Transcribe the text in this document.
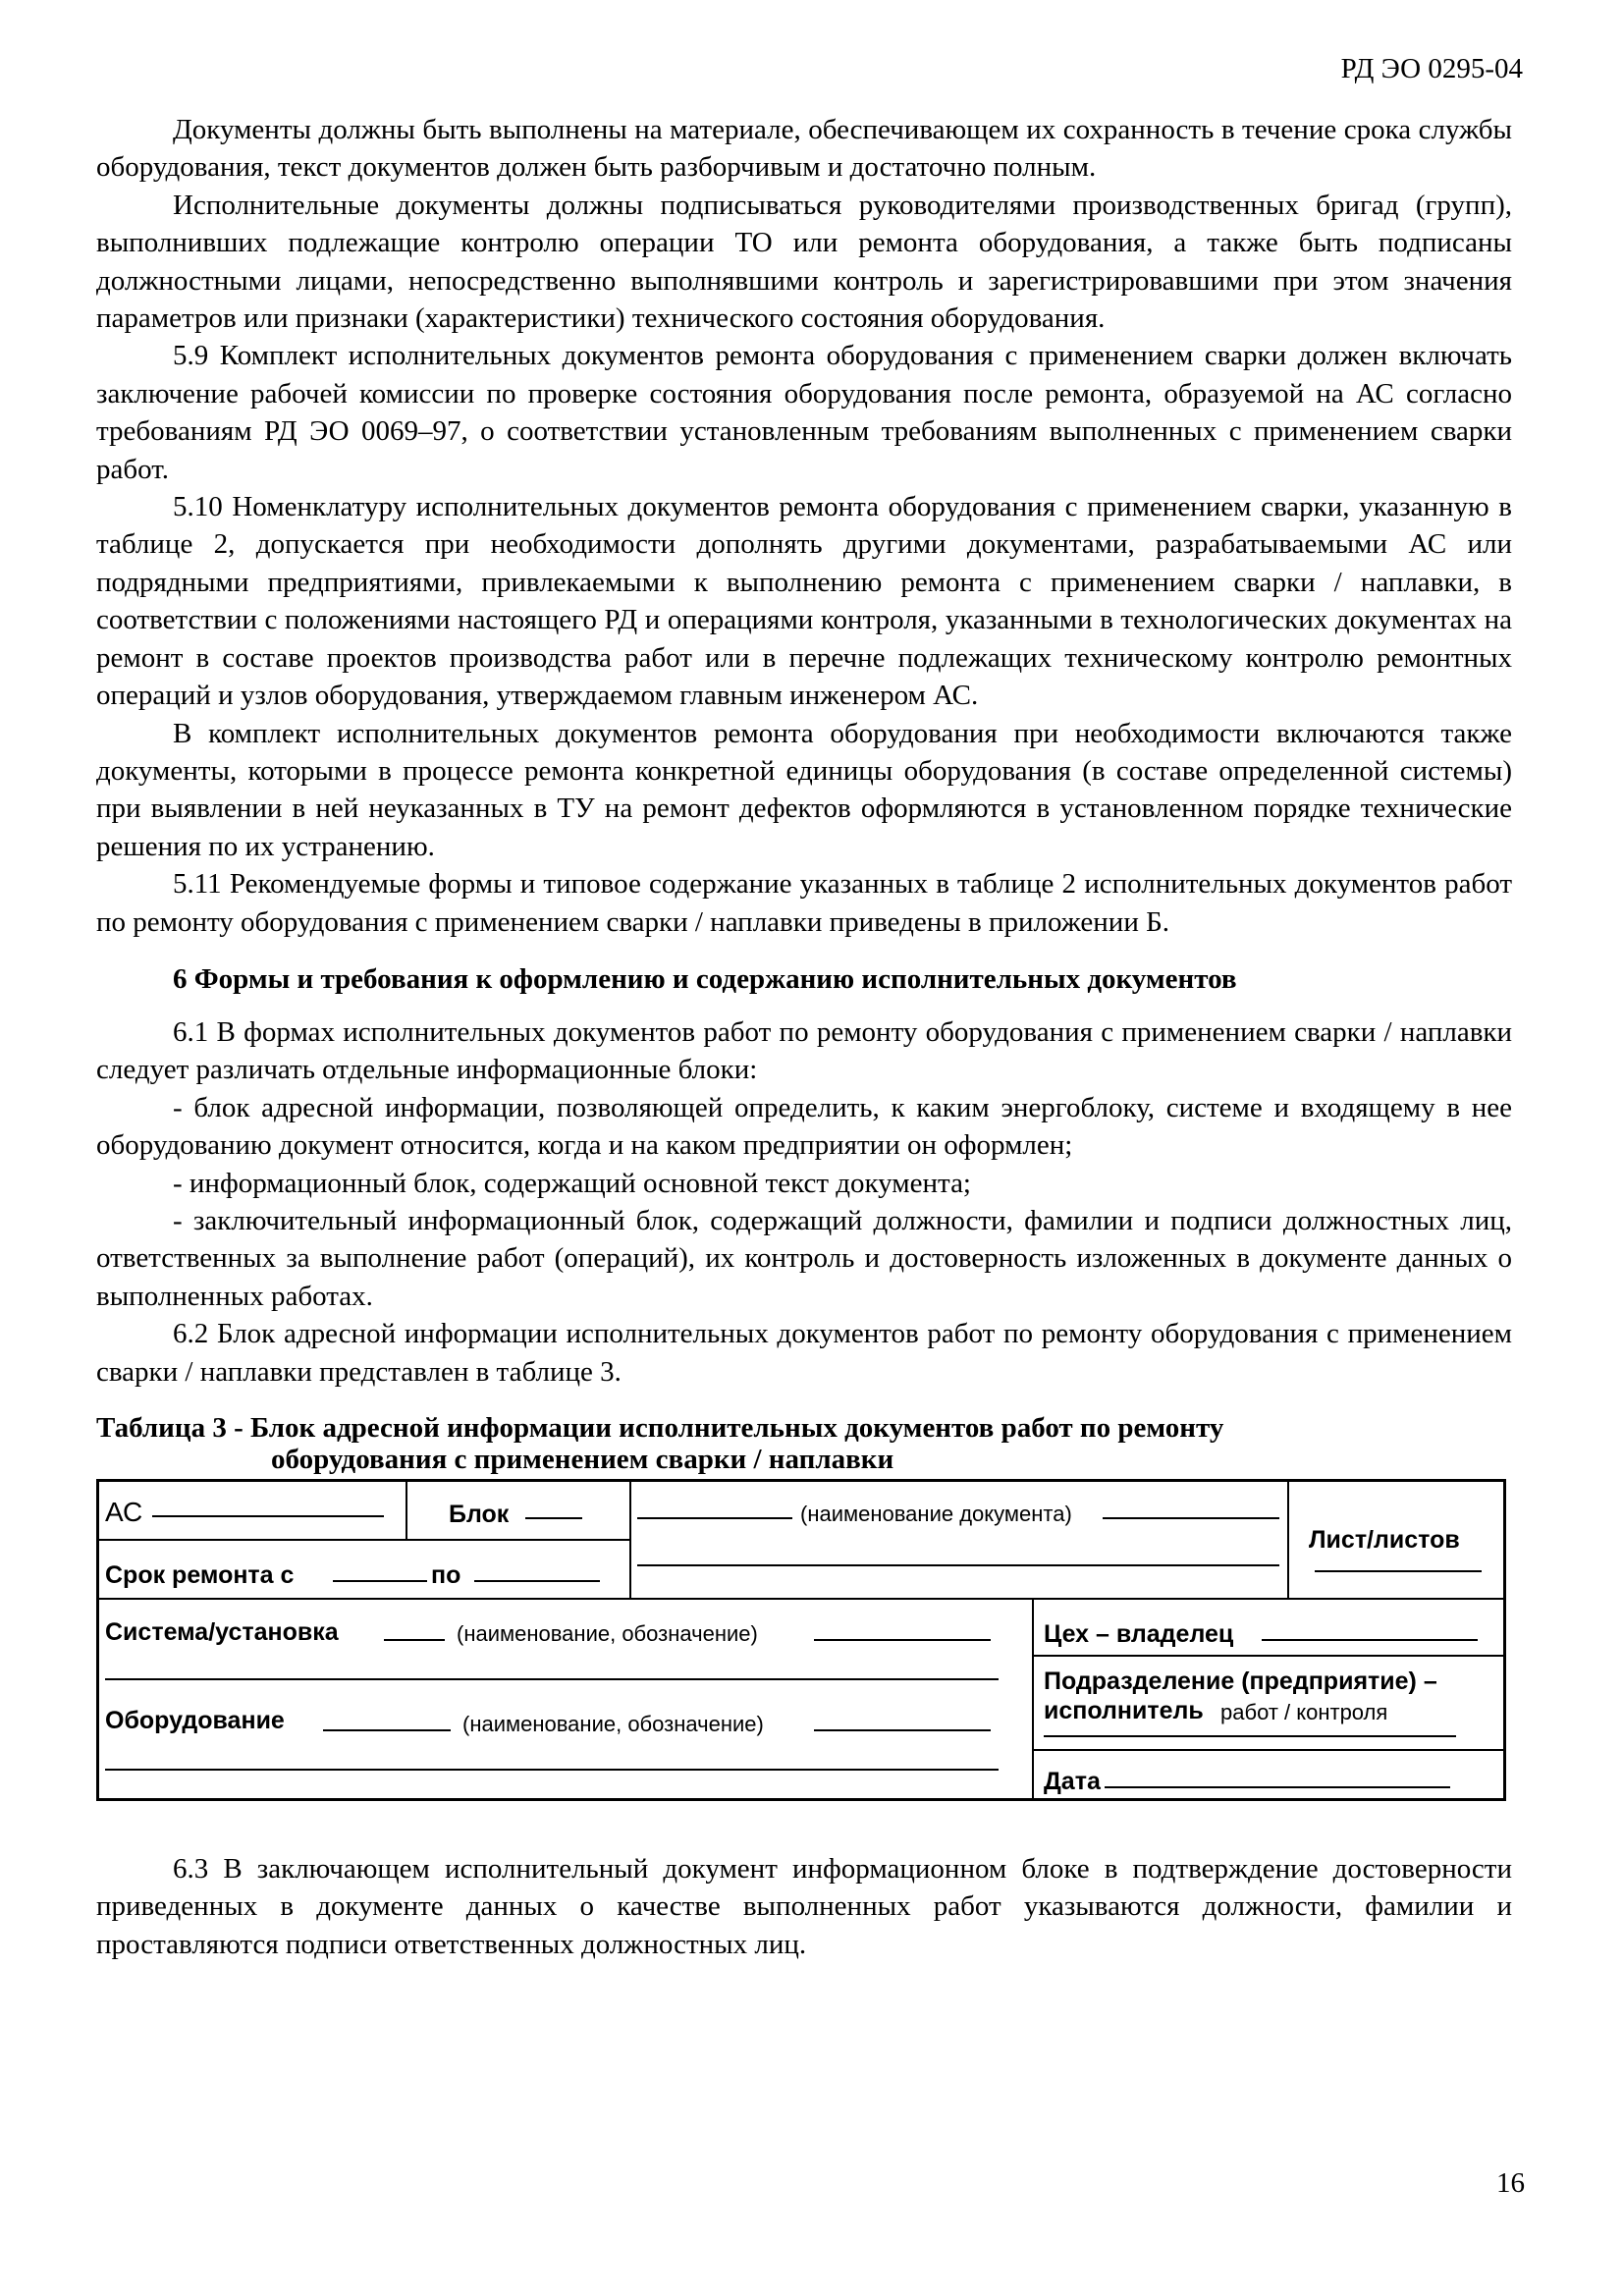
РД ЭО 0295-04

Документы должны быть выполнены на материале, обеспечивающем их сохранность в течение срока службы оборудования, текст документов должен быть разборчивым и достаточно полным.

Исполнительные документы должны подписываться руководителями производственных бригад (групп), выполнивших подлежащие контролю операции ТО или ремонта оборудования, а также быть подписаны должностными лицами, непосредственно выполнявшими контроль и зарегистрировавшими при этом значения параметров или признаки (характеристики) технического состояния оборудования.

5.9 Комплект исполнительных документов ремонта оборудования с применением сварки должен включать заключение рабочей комиссии по проверке состояния оборудования после ремонта, образуемой на АС согласно требованиям РД ЭО 0069–97, о соответствии установленным требованиям выполненных с применением сварки работ.

5.10 Номенклатуру исполнительных документов ремонта оборудования с применением сварки, указанную в таблице 2, допускается при необходимости дополнять другими документами, разрабатываемыми АС или подрядными предприятиями, привлекаемыми к выполнению ремонта с применением сварки / наплавки, в соответствии с положениями настоящего РД и операциями контроля, указанными в технологических документах на ремонт в составе проектов производства работ или в перечне подлежащих техническому контролю ремонтных операций и узлов оборудования, утверждаемом главным инженером АС.

В комплект исполнительных документов ремонта оборудования при необходимости включаются также документы, которыми в процессе ремонта конкретной единицы оборудования (в составе определенной системы) при выявлении в ней неуказанных в ТУ на ремонт дефектов оформляются в установленном порядке технические решения по их устранению.

5.11 Рекомендуемые формы и типовое содержание указанных в таблице 2 исполнительных документов работ по ремонту оборудования с применением сварки / наплавки приведены в приложении Б.

6 Формы и требования к оформлению и содержанию исполнительных документов

6.1 В формах исполнительных документов работ по ремонту оборудования с применением сварки / наплавки следует различать отдельные информационные блоки:

- блок адресной информации, позволяющей определить, к каким энергоблоку, системе и входящему в нее оборудованию документ относится, когда и на каком предприятии он оформлен;

- информационный блок, содержащий основной текст документа;

- заключительный информационный блок, содержащий должности, фамилии и подписи должностных лиц, ответственных за выполнение работ (операций), их контроль и достоверность изложенных в документе данных о выполненных работах.

6.2 Блок адресной информации исполнительных документов работ по ремонту оборудования с применением сварки / наплавки представлен в таблице 3.

Таблица 3 - Блок адресной информации исполнительных документов работ по ремонту
оборудования с применением сварки / наплавки
АС	Блок
Срок ремонта с	по
(наименование документа)
Лист/листов
Система/установка	(наименование, обозначение)
Оборудование	(наименование, обозначение)
Цех – владелец
Подразделение (предприятие) –
исполнитель работ / контроля
Дата

6.3 В заключающем исполнительный документ информационном блоке в подтверждение достоверности приведенных в документе данных о качестве выполненных работ указываются должности, фамилии и проставляются подписи ответственных должностных лиц.

16
